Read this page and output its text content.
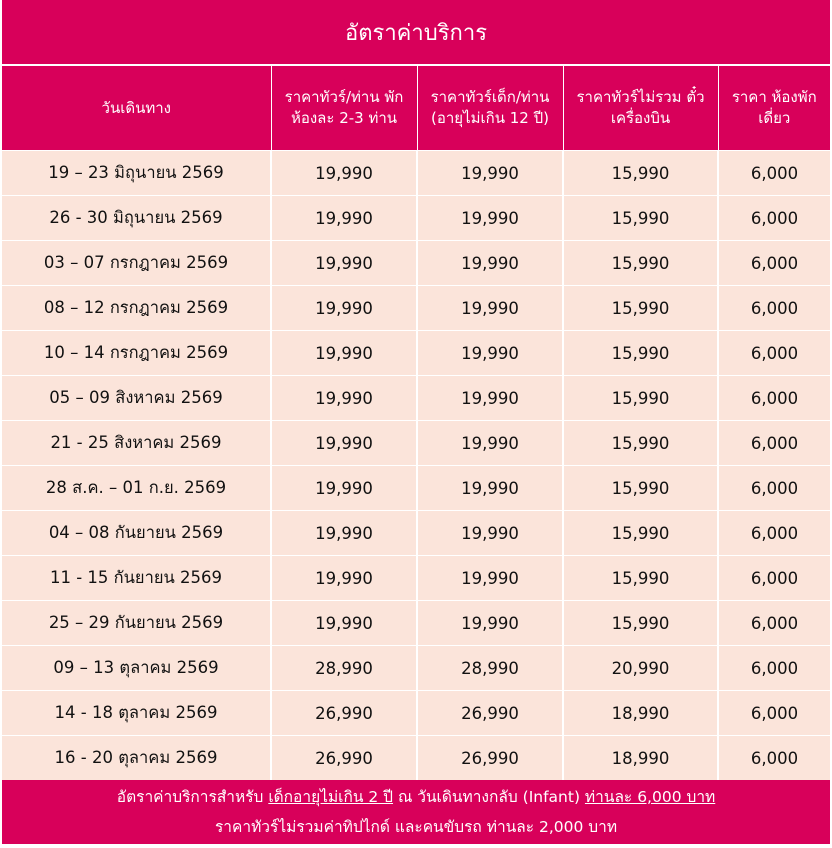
อัตราค่าบริการ				
วันเดินทาง	ราคาทัวร์/ท่าน พักห้องละ 2-3 ท่าน	ราคาทัวร์เด็ก/ท่าน (อายุไม่เกิน 12 ปี)	ราคาทัวร์ไม่รวม ตั๋วเครื่องบิน	ราคา ห้องพักเดี่ยว
19 – 23 มิถุนายน 2569	19,990	19,990	15,990	6,000
26 - 30 มิถุนายน 2569	19,990	19,990	15,990	6,000
03 – 07 กรกฎาคม 2569	19,990	19,990	15,990	6,000
08 – 12 กรกฎาคม 2569	19,990	19,990	15,990	6,000
10 – 14 กรกฎาคม 2569	19,990	19,990	15,990	6,000
05 – 09 สิงหาคม 2569	19,990	19,990	15,990	6,000
21 - 25 สิงหาคม 2569	19,990	19,990	15,990	6,000
28 ส.ค. – 01 ก.ย. 2569	19,990	19,990	15,990	6,000
04 – 08 กันยายน 2569	19,990	19,990	15,990	6,000
11 - 15 กันยายน 2569	19,990	19,990	15,990	6,000
25 – 29 กันยายน 2569	19,990	19,990	15,990	6,000
09 – 13 ตุลาคม 2569	28,990	28,990	20,990	6,000
14 - 18 ตุลาคม 2569	26,990	26,990	18,990	6,000
16 - 20 ตุลาคม 2569	26,990	26,990	18,990	6,000

อัตราค่าบริการสำหรับ เด็กอายุไม่เกิน 2 ปี ณ วันเดินทางกลับ (Infant) ท่านละ 6,000 บาท
ราคาทัวร์ไม่รวมค่าทิปไกด์ และคนขับรถ ท่านละ 2,000 บาท				
